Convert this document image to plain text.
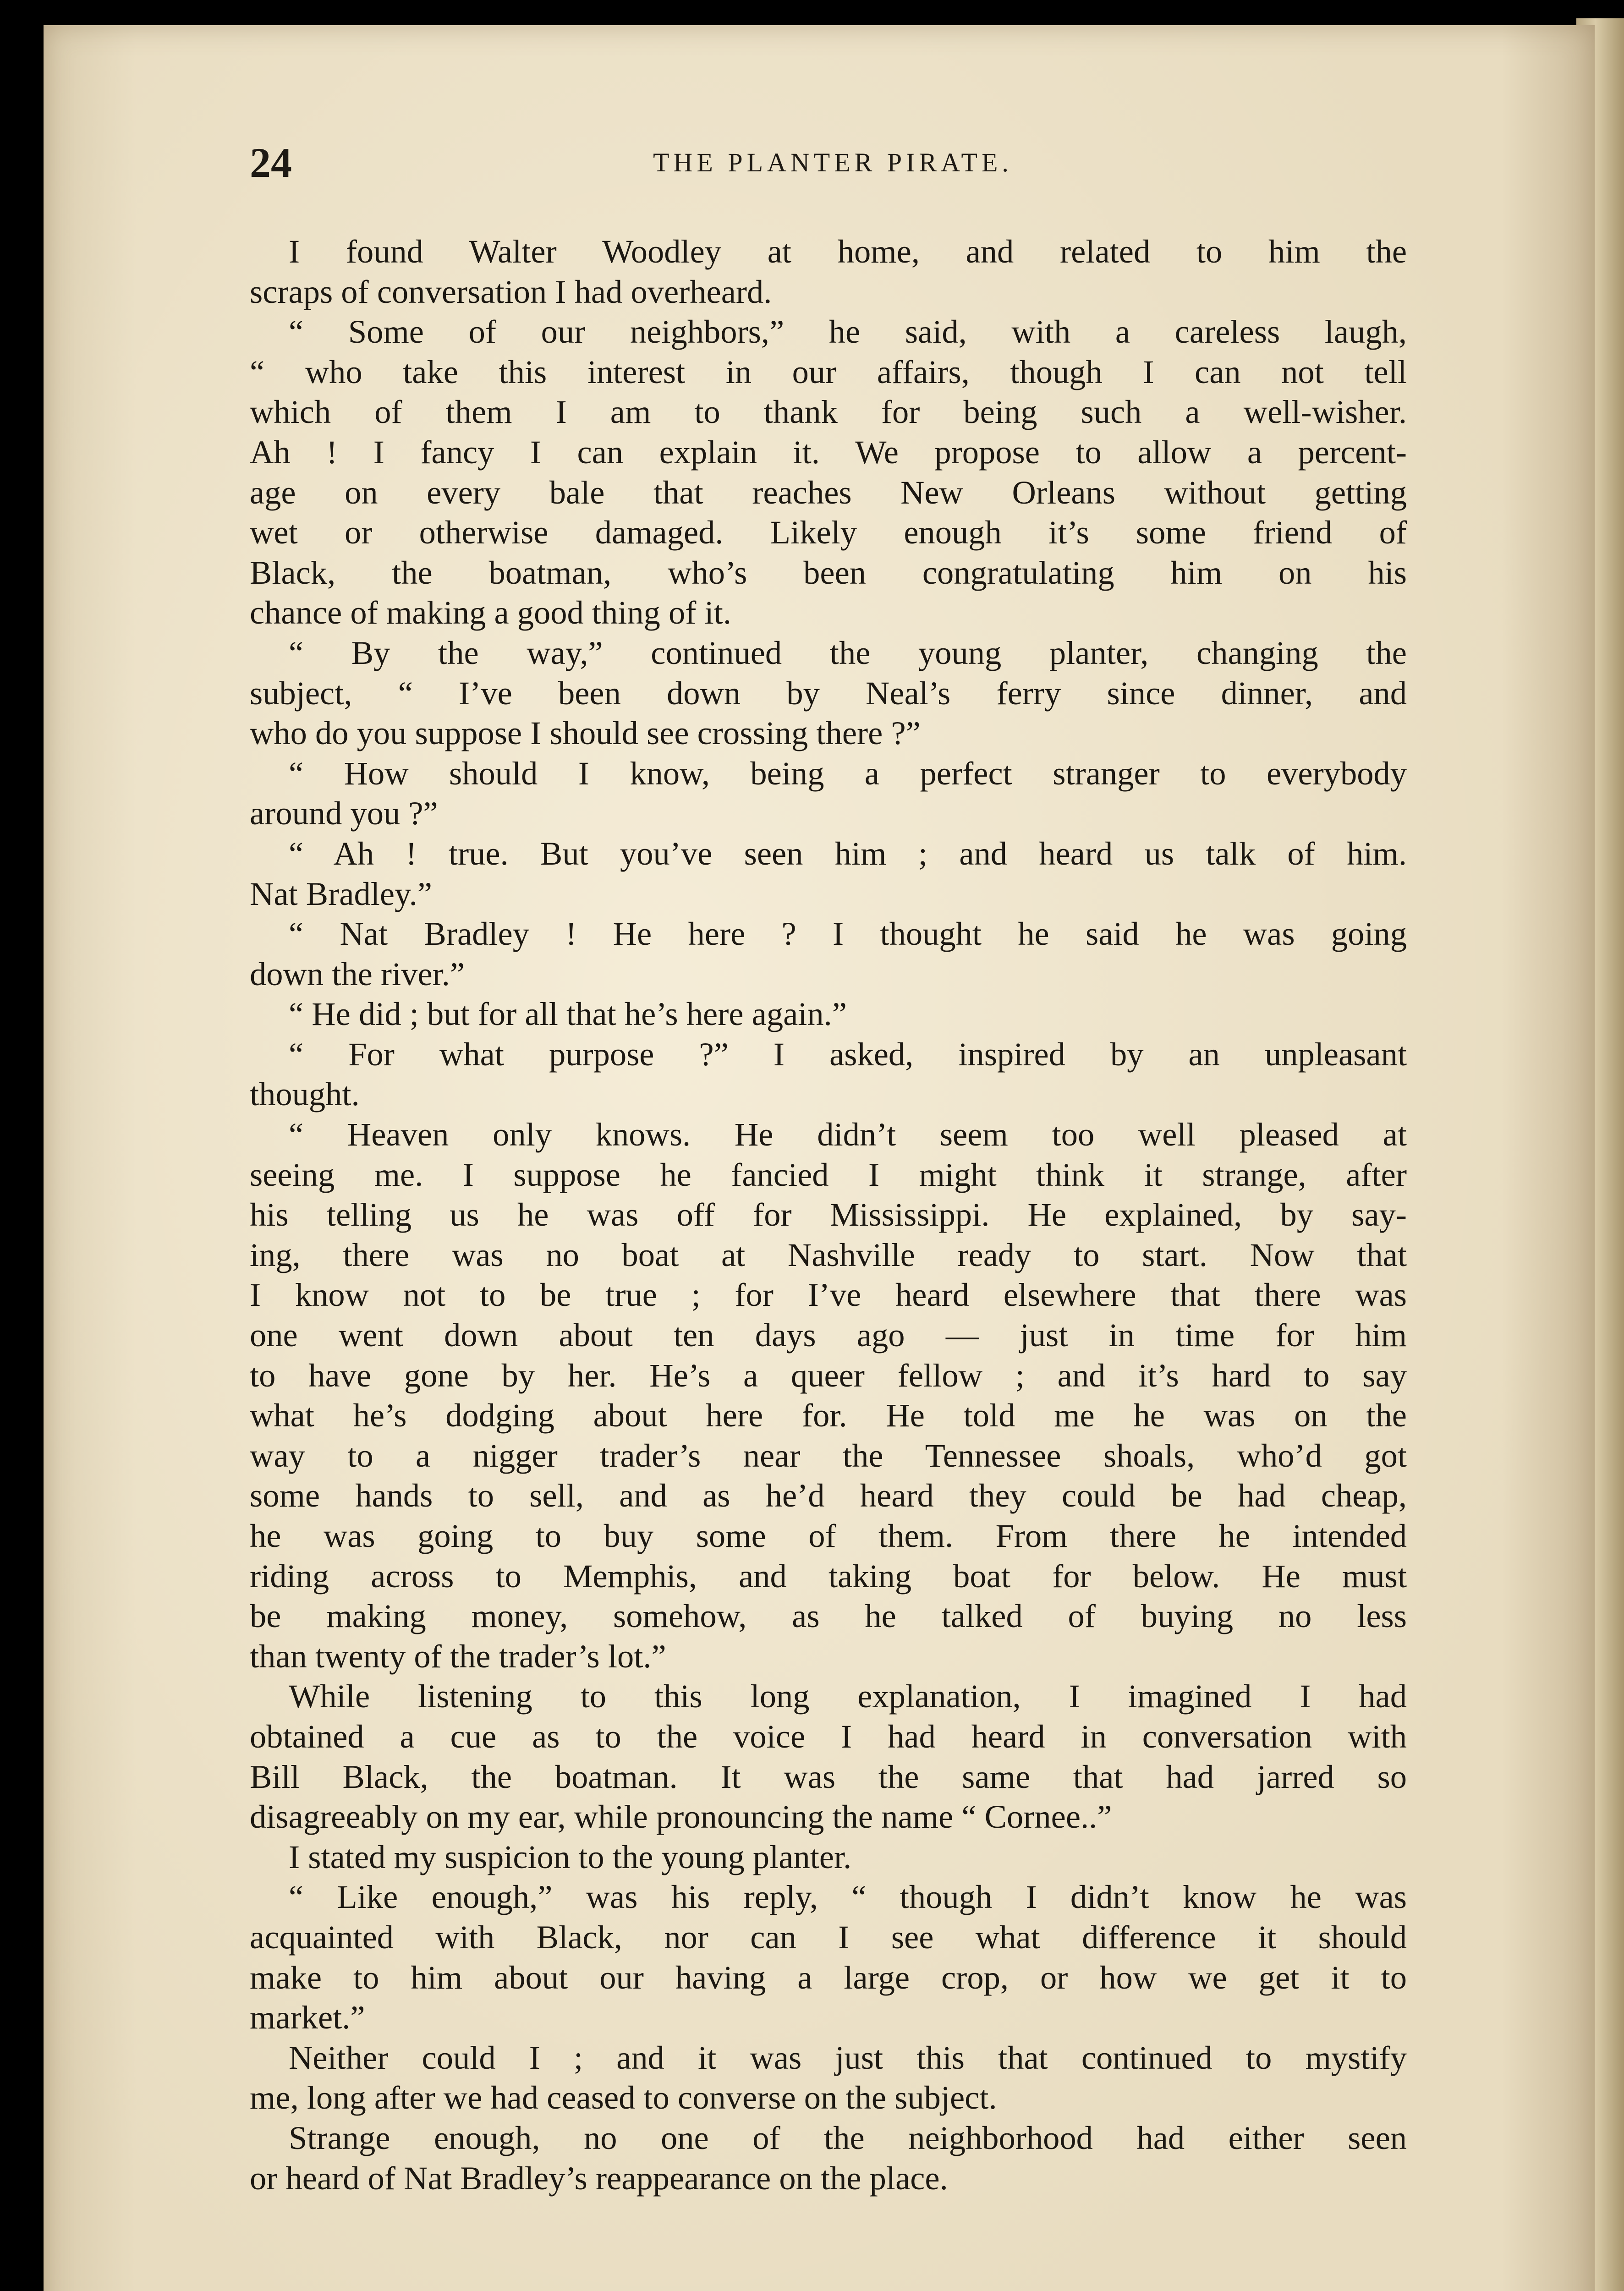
24	THE PLANTER PIRATE.
I found Walter Woodley at home, and related to him the
scraps of conversation I had overheard.
“ Some of our neighbors,” he said, with a careless laugh,
“ who take this interest in our affairs, though I can not tell
which of them I am to thank for being such a well-wisher.
Ah ! I fancy I can explain it. We propose to allow a percent-
age on every bale that reaches New Orleans without getting
wet or otherwise damaged. Likely enough it’s some friend of
Black, the boatman, who’s been congratulating him on his
chance of making a good thing of it.
“ By the way,” continued the young planter, changing the
subject, “ I’ve been down by Neal’s ferry since dinner, and
who do you suppose I should see crossing there ?”
“ How should I know, being a perfect stranger to everybody
around you ?”
“ Ah ! true. But you’ve seen him ; and heard us talk of him.
Nat Bradley.”
“ Nat Bradley ! He here ? I thought he said he was going
down the river.”
“ He did ; but for all that he’s here again.”
“ For what purpose ?” I asked, inspired by an unpleasant
thought.
“ Heaven only knows. He didn’t seem too well pleased at
seeing me. I suppose he fancied I might think it strange, after
his telling us he was off for Mississippi. He explained, by say-
ing, there was no boat at Nashville ready to start. Now that
I know not to be true ; for I’ve heard elsewhere that there was
one went down about ten days ago — just in time for him
to have gone by her. He’s a queer fellow ; and it’s hard to say
what he’s dodging about here for. He told me he was on the
way to a nigger trader’s near the Tennessee shoals, who’d got
some hands to sell, and as he’d heard they could be had cheap,
he was going to buy some of them. From there he intended
riding across to Memphis, and taking boat for below. He must
be making money, somehow, as he talked of buying no less
than twenty of the trader’s lot.”
While listening to this long explanation, I imagined I had
obtained a cue as to the voice I had heard in conversation with
Bill Black, the boatman. It was the same that had jarred so
disagreeably on my ear, while pronouncing the name “ Cornee..”
I stated my suspicion to the young planter.
“ Like enough,” was his reply, “ though I didn’t know he was
acquainted with Black, nor can I see what difference it should
make to him about our having a large crop, or how we get it to
market.”
Neither could I ; and it was just this that continued to mystify
me, long after we had ceased to converse on the subject.
Strange enough, no one of the neighborhood had either seen
or heard of Nat Bradley’s reappearance on the place.
